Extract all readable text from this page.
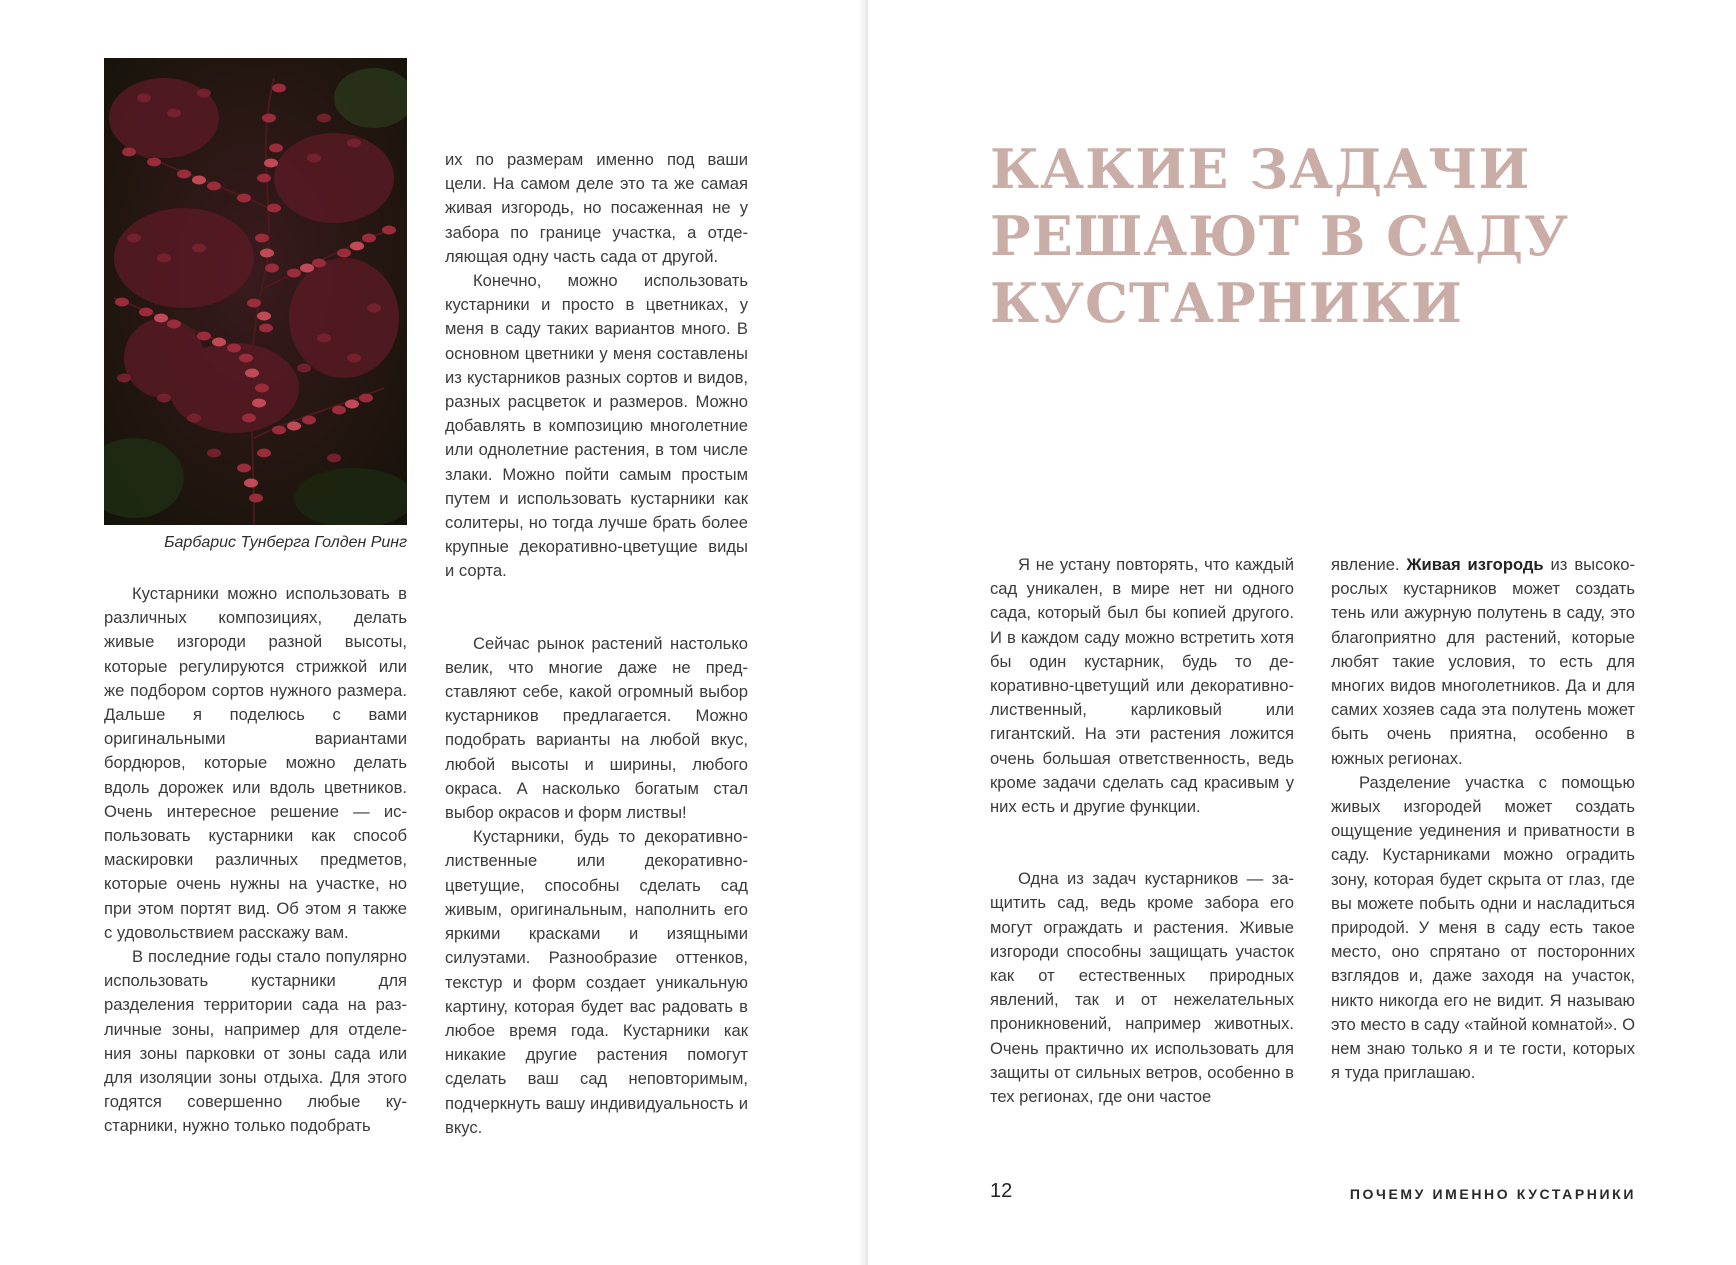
Барбарис Тунберга Голден Ринг

Кустарники можно использовать в различных композициях, делать живые изгороди разной высоты, которые регулируются стрижкой или же подбором сортов нужного размера. Дальше я поделюсь с вами оригинальными вариантами бордюров, которые можно делать вдоль дорожек или вдоль цветников. Очень интересное решение — использовать кустарники как способ маскировки различных предметов, которые очень нужны на участке, но при этом портят вид. Об этом я также с удовольствием расскажу вам.

В последние годы стало популярно использовать кустарники для разделения территории сада на различные зоны, например для отделения зоны парковки от зоны сада или для изоляции зоны отдыха. Для этого годятся совершенно любые кустарники, нужно только подобрать

их по размерам именно под ваши цели. На самом деле это та же самая живая изгородь, но посаженная не у забора по границе участка, а отделяющая одну часть сада от другой.

Конечно, можно использовать кустарники и просто в цветниках, у меня в саду таких вариантов много. В основном цветники у меня составлены из кустарников разных сортов и видов, разных расцветок и размеров. Можно добавлять в композицию многолетние или однолетние растения, в том числе злаки. Можно пойти самым простым путем и использовать кустарники как солитеры, но тогда лучше брать более крупные декоративно-цветущие виды и сорта.

Сейчас рынок растений настолько велик, что многие даже не представляют себе, какой огромный выбор кустарников предлагается. Можно подобрать варианты на любой вкус, любой высоты и ширины, любого окраса. А насколько богатым стал выбор окрасов и форм листвы!

Кустарники, будь то декоративно-лиственные или декоративно-цветущие, способны сделать сад живым, оригинальным, наполнить его яркими красками и изящными силуэтами. Разнообразие оттенков, текстур и форм создает уникальную картину, которая будет вас радовать в любое время года. Кустарники как никакие другие растения помогут сделать ваш сад неповторимым, подчеркнуть вашу индивидуальность и вкус.

КАКИЕ ЗАДАЧИ
РЕШАЮТ В САДУ
КУСТАРНИКИ

Я не устану повторять, что каждый сад уникален, в мире нет ни одного сада, который был бы копией другого. И в каждом саду можно встретить хотя бы один кустарник, будь то декоративно-цветущий или декоративно-лиственный, карликовый или гигантский. На эти растения ложится очень большая ответственность, ведь кроме задачи сделать сад красивым у них есть и другие функции.

Одна из задач кустарников — защитить сад, ведь кроме забора его могут ограждать и растения. Живые изгороди способны защищать участок как от естественных природных явлений, так и от нежелательных проникновений, например животных. Очень практично их использовать для защиты от сильных ветров, особенно в тех регионах, где они частое

явление. Живая изгородь из высокорослых кустарников может создать тень или ажурную полутень в саду, это благоприятно для растений, которые любят такие условия, то есть для многих видов многолетников. Да и для самих хозяев сада эта полутень может быть очень приятна, особенно в южных регионах.

Разделение участка с помощью живых изгородей может создать ощущение уединения и приватности в саду. Кустарниками можно оградить зону, которая будет скрыта от глаз, где вы можете побыть одни и насладиться природой. У меня в саду есть такое место, оно спрятано от посторонних взглядов и, даже заходя на участок, никто никогда его не видит. Я называю это место в саду «тайной комнатой». О нем знаю только я и те гости, которых я туда приглашаю.

12	ПОЧЕМУ ИМЕННО КУСТАРНИКИ
